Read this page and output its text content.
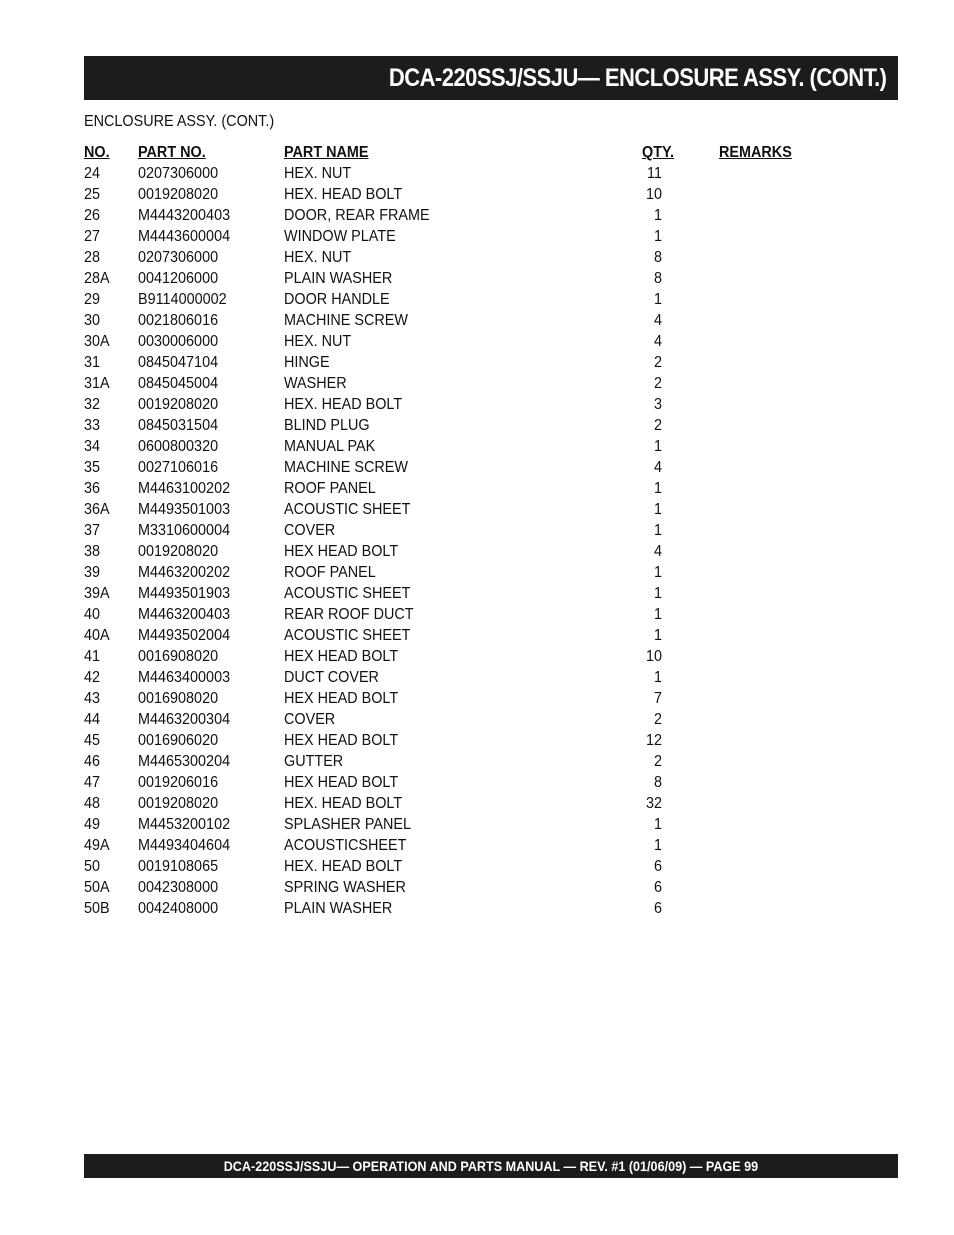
DCA-220SSJ/SSJU— ENCLOSURE ASSY. (CONT.)
ENCLOSURE ASSY. (CONT.)
NO. PART NO.	PART NAME	QTY.	REMARKS
24 0207306000	HEX. NUT	11
25 0019208020	HEX. HEAD BOLT	10
26 M4443200403	DOOR, REAR FRAME	1
27 M4443600004	WINDOW PLATE	1
28 0207306000	HEX. NUT	8
28A 0041206000	PLAIN WASHER	8
29 B9114000002	DOOR HANDLE	1
30 0021806016	MACHINE SCREW	4
30A 0030006000	HEX. NUT	4
31 0845047104	HINGE	2
31A 0845045004	WASHER	2
32 0019208020	HEX. HEAD BOLT	3
33 0845031504	BLIND PLUG	2
34 0600800320	MANUAL PAK	1
35 0027106016	MACHINE SCREW	4
36 M4463100202	ROOF PANEL	1
36A M4493501003	ACOUSTIC SHEET	1
37 M3310600004	COVER	1
38 0019208020	HEX HEAD BOLT	4
39 M4463200202	ROOF PANEL	1
39A M4493501903	ACOUSTIC SHEET	1
40 M4463200403	REAR ROOF DUCT	1
40A M4493502004	ACOUSTIC SHEET	1
41 0016908020	HEX HEAD BOLT	10
42 M4463400003	DUCT COVER	1
43 0016908020	HEX HEAD BOLT	7
44 M4463200304	COVER	2
45 0016906020	HEX HEAD BOLT	12
46 M4465300204	GUTTER	2
47 0019206016	HEX HEAD BOLT	8
48 0019208020	HEX. HEAD BOLT	32
49 M4453200102	SPLASHER PANEL	1
49A M4493404604	ACOUSTICSHEET	1
50 0019108065	HEX. HEAD BOLT	6
50A 0042308000	SPRING WASHER	6
50B 0042408000	PLAIN WASHER	6
DCA-220SSJ/SSJU— OPERATION AND PARTS MANUAL — REV. #1 (01/06/09) — PAGE 99
